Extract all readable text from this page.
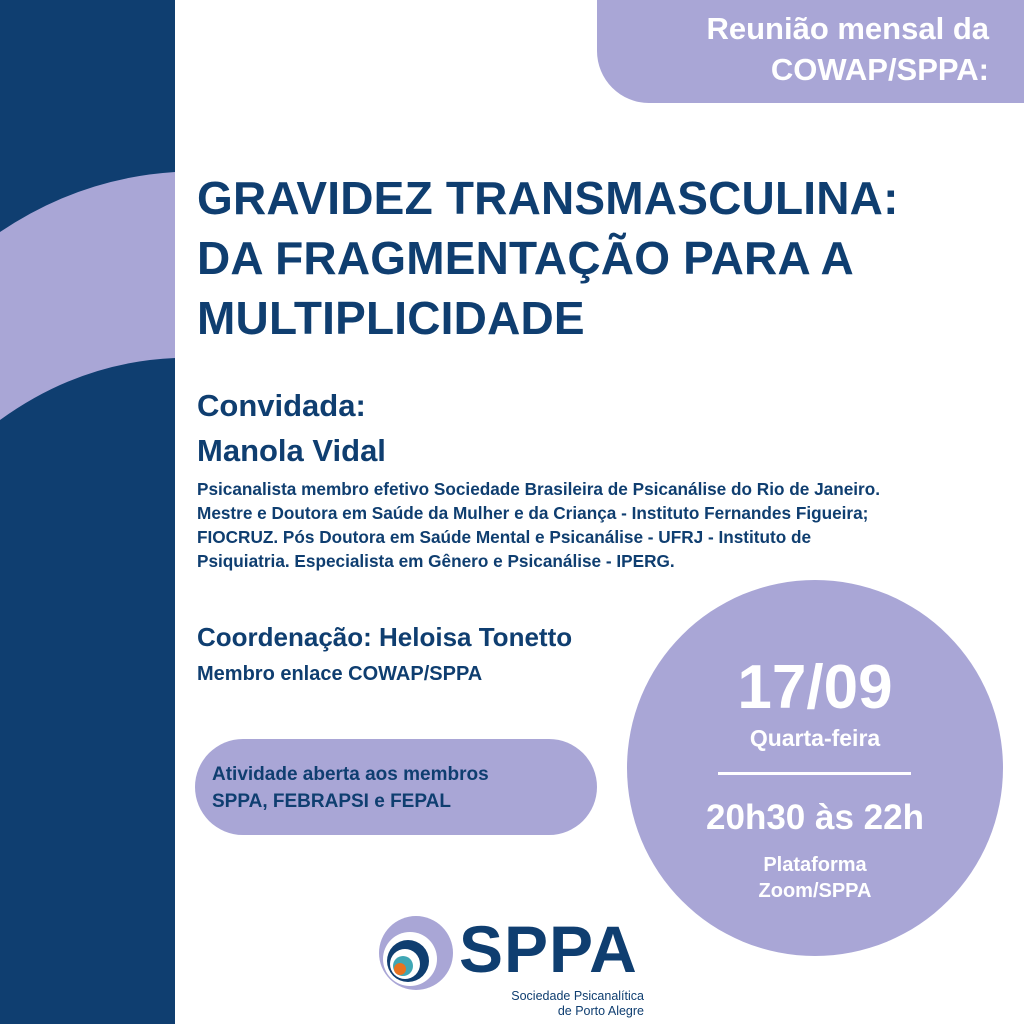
Reunião mensal da
COWAP/SPPA:
GRAVIDEZ TRANSMASCULINA:
DA FRAGMENTAÇÃO PARA A
MULTIPLICIDADE
Convidada:
Manola Vidal
Psicanalista membro efetivo Sociedade Brasileira de Psicanálise do Rio de Janeiro.
Mestre e Doutora em Saúde da Mulher e da Criança - Instituto Fernandes Figueira;
FIOCRUZ. Pós Doutora em Saúde Mental e Psicanálise - UFRJ - Instituto de
Psiquiatria. Especialista em Gênero e Psicanálise - IPERG.
Coordenação: Heloisa Tonetto
Membro enlace COWAP/SPPA
Atividade aberta aos membros
SPPA, FEBRAPSI e FEPAL
17/09
Quarta-feira
20h30 às 22h
Plataforma
Zoom/SPPA
SPPA
Sociedade Psicanalítica
de Porto Alegre
